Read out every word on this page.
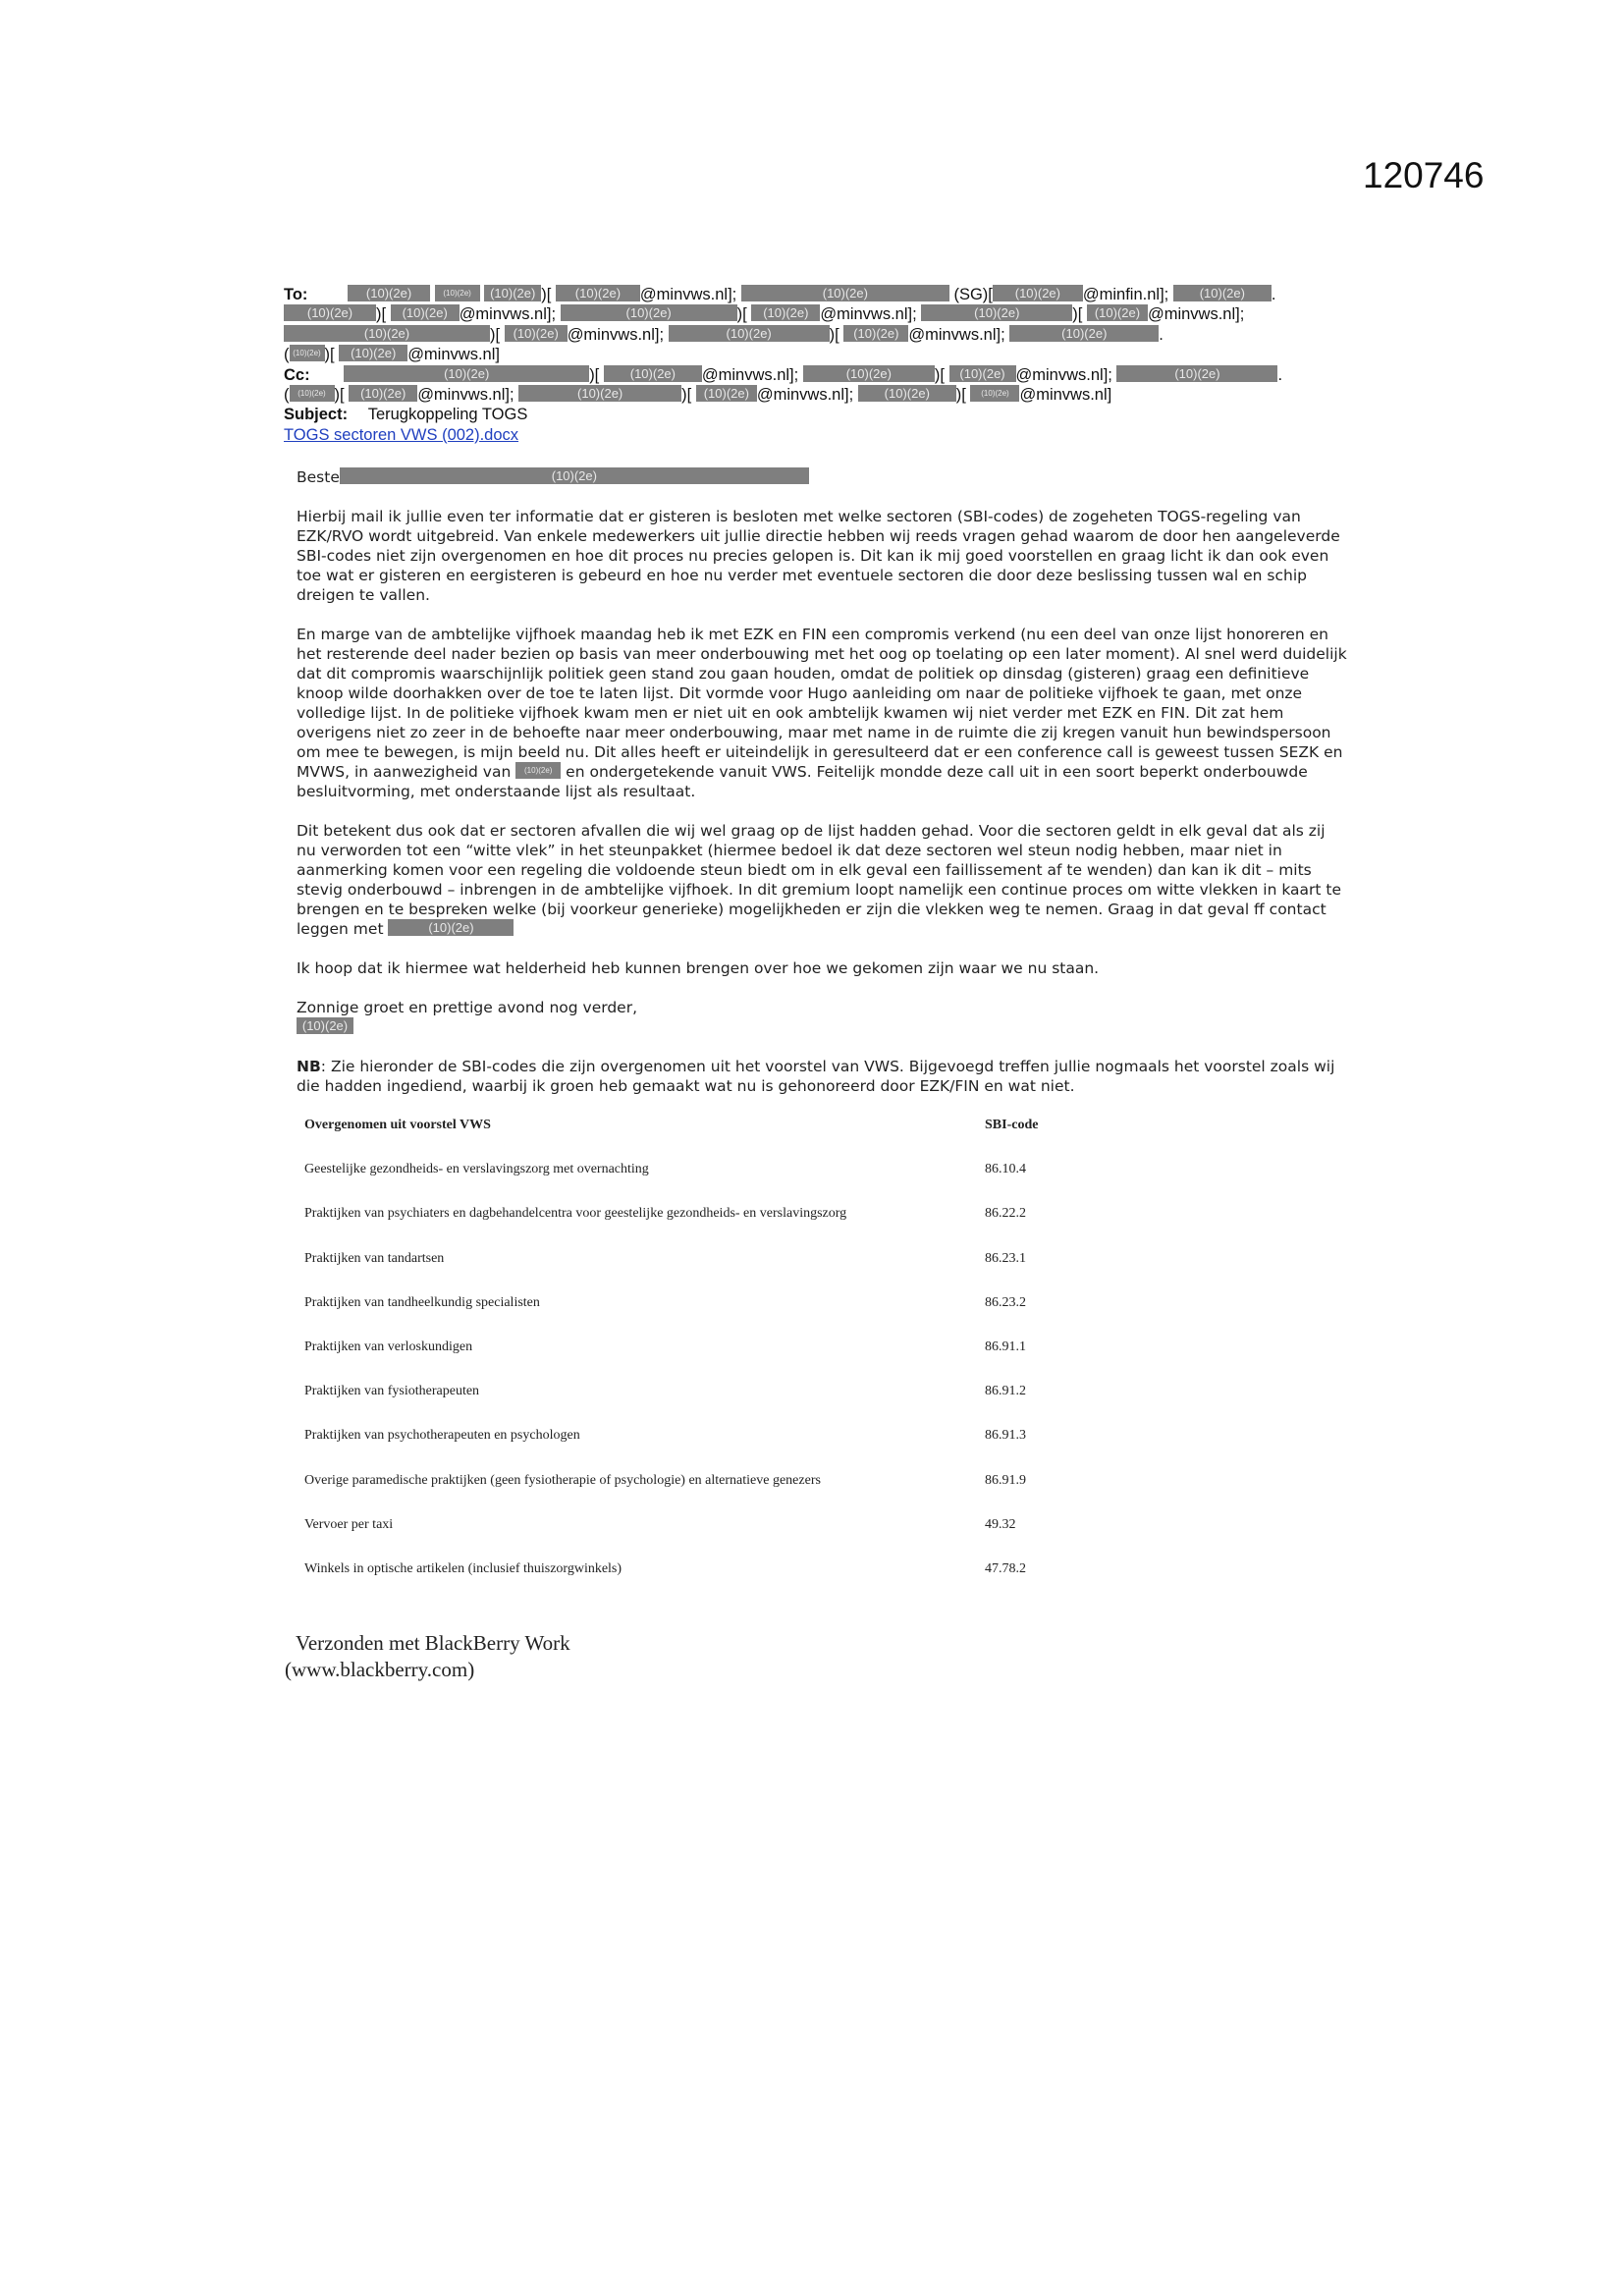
120746
To:	(10)(2e)	(10)(2e) (10)(2e) )[ (10)(2e) @minvws.nl];	(10)(2e)	(SG)[ (10)(2e) @minfin.nl]; (10)(2e) .
(10)(2e) )[ (10)(2e) @minvws.nl];	(10)(2e)	)[ (10)(2e) @minvws.nl];	(10)(2e)	)[ (10)(2e) @minvws.nl];
(10)(2e)	)[ (10)(2e) @minvws.nl];	(10)(2e)	)[ (10)(2e) @minvws.nl];	(10)(2e)	.
( (10)(2e) )[ (10)(2e) @minvws.nl]
Cc:	(10)(2e)	)[ (10)(2e) @minvws.nl];	(10)(2e)	)[ (10)(2e) @minvws.nl];	(10)(2e)	.
( (10)(2e) )[ (10)(2e) @minvws.nl];	(10)(2e)	)[ (10)(2e) @minvws.nl]; (10)(2e) )[ (10)(2e) @minvws.nl]
Subject: Terugkoppeling TOGS
TOGS sectoren VWS (002).docx

Beste	(10)(2e)

Hierbij mail ik jullie even ter informatie dat er gisteren is besloten met welke sectoren (SBI-codes) de zogeheten TOGS-regeling van EZK/RVO wordt uitgebreid. Van enkele medewerkers uit jullie directie hebben wij reeds vragen gehad waarom de door hen aangeleverde SBI-codes niet zijn overgenomen en hoe dit proces nu precies gelopen is. Dit kan ik mij goed voorstellen en graag licht ik dan ook even toe wat er gisteren en eergisteren is gebeurd en hoe nu verder met eventuele sectoren die door deze beslissing tussen wal en schip dreigen te vallen.

En marge van de ambtelijke vijfhoek maandag heb ik met EZK en FIN een compromis verkend (nu een deel van onze lijst honoreren en het resterende deel nader bezien op basis van meer onderbouwing met het oog op toelating op een later moment). Al snel werd duidelijk dat dit compromis waarschijnlijk politiek geen stand zou gaan houden, omdat de politiek op dinsdag (gisteren) graag een definitieve knoop wilde doorhakken over de toe te laten lijst. Dit vormde voor Hugo aanleiding om naar de politieke vijfhoek te gaan, met onze volledige lijst. In de politieke vijfhoek kwam men er niet uit en ook ambtelijk kwamen wij niet verder met EZK en FIN. Dit zat hem overigens niet zo zeer in de behoefte naar meer onderbouwing, maar met name in de ruimte die zij kregen vanuit hun bewindspersoon om mee te bewegen, is mijn beeld nu. Dit alles heeft er uiteindelijk in geresulteerd dat er een conference call is geweest tussen SEZK en MVWS, in aanwezigheid van (10)(2e) en ondergetekende vanuit VWS. Feitelijk mondde deze call uit in een soort beperkt onderbouwde besluitvorming, met onderstaande lijst als resultaat.

Dit betekent dus ook dat er sectoren afvallen die wij wel graag op de lijst hadden gehad. Voor die sectoren geldt in elk geval dat als zij nu verworden tot een “witte vlek” in het steunpakket (hiermee bedoel ik dat deze sectoren wel steun nodig hebben, maar niet in aanmerking komen voor een regeling die voldoende steun biedt om in elk geval een faillissement af te wenden) dan kan ik dit – mits stevig onderbouwd – inbrengen in de ambtelijke vijfhoek. In dit gremium loopt namelijk een continue proces om witte vlekken in kaart te brengen en te bespreken welke (bij voorkeur generieke) mogelijkheden er zijn die vlekken weg te nemen. Graag in dat geval ff contact leggen met	(10)(2e)

Ik hoop dat ik hiermee wat helderheid heb kunnen brengen over hoe we gekomen zijn waar we nu staan.

Zonnige groet en prettige avond nog verder,

(10)(2e)

NB: Zie hieronder de SBI-codes die zijn overgenomen uit het voorstel van VWS. Bijgevoegd treffen jullie nogmaals het voorstel zoals wij die hadden ingediend, waarbij ik groen heb gemaakt wat nu is gehonoreerd door EZK/FIN en wat niet.

Overgenomen uit voorstel VWS	SBI-code
Geestelijke gezondheids- en verslavingszorg met overnachting	86.10.4
Praktijken van psychiaters en dagbehandelcentra voor geestelijke gezondheids- en verslavingszorg	86.22.2
Praktijken van tandartsen	86.23.1
Praktijken van tandheelkundig specialisten	86.23.2
Praktijken van verloskundigen	86.91.1
Praktijken van fysiotherapeuten	86.91.2
Praktijken van psychotherapeuten en psychologen	86.91.3
Overige paramedische praktijken (geen fysiotherapie of psychologie) en alternatieve genezers	86.91.9
Vervoer per taxi	49.32
Winkels in optische artikelen (inclusief thuiszorgwinkels)	47.78.2
Verzonden met BlackBerry Work
(www.blackberry.com)
